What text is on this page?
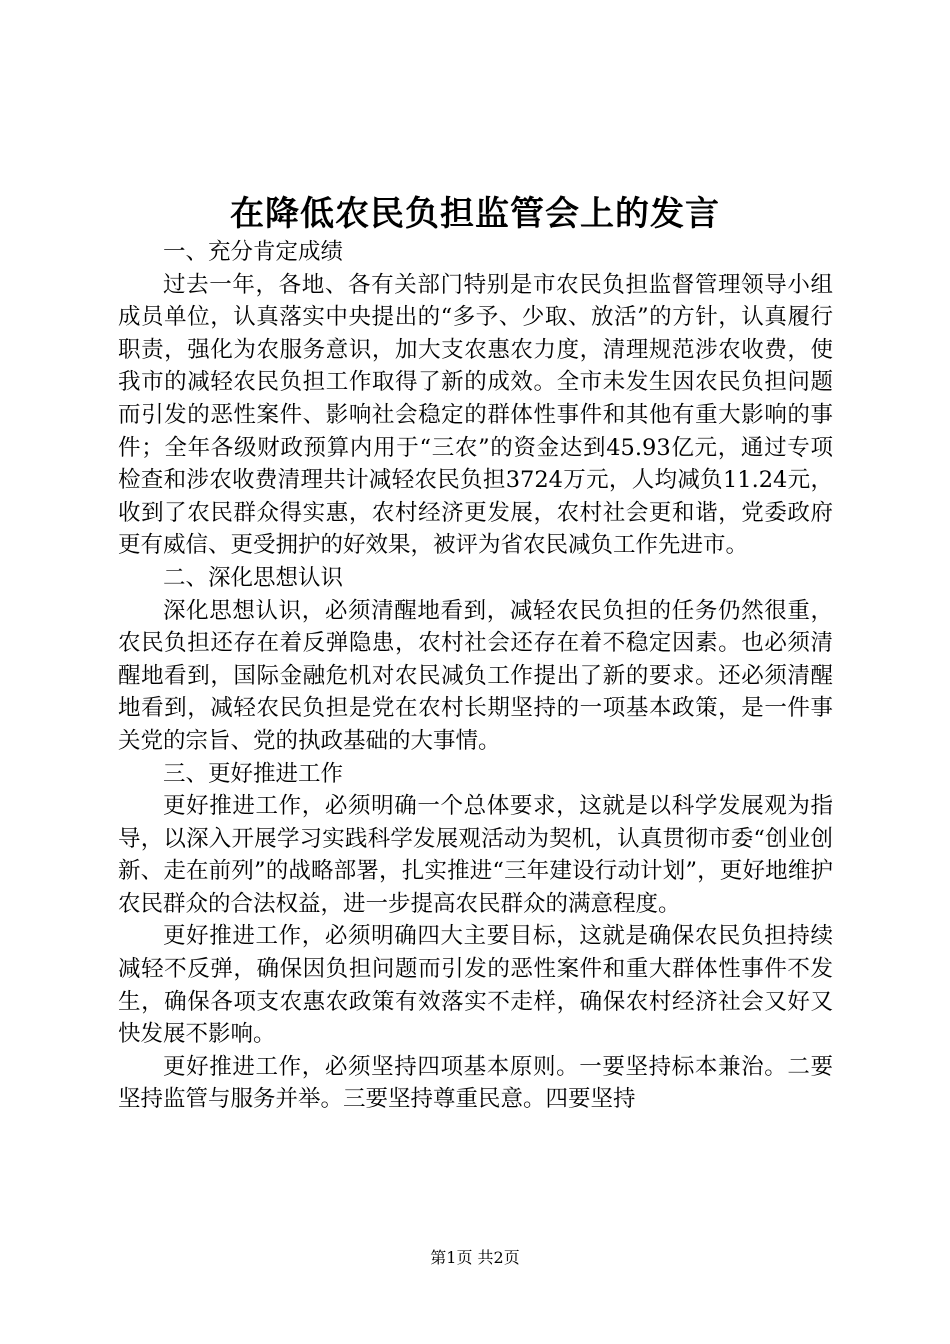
在降低农民负担监管会上的发言

一、充分肯定成绩

过去一年，各地、各有关部门特别是市农民负担监督管理领导小组成员单位，认真落实中央提出的“多予、少取、放活”的方针，认真履行职责，强化为农服务意识，加大支农惠农力度，清理规范涉农收费，使我市的减轻农民负担工作取得了新的成效。全市未发生因农民负担问题而引发的恶性案件、影响社会稳定的群体性事件和其他有重大影响的事件；全年各级财政预算内用于“三农”的资金达到45.93亿元，通过专项检查和涉农收费清理共计减轻农民负担3724万元，人均减负11.24元，收到了农民群众得实惠，农村经济更发展，农村社会更和谐，党委政府更有威信、更受拥护的好效果，被评为省农民减负工作先进市。

二、深化思想认识

深化思想认识，必须清醒地看到，减轻农民负担的任务仍然很重，农民负担还存在着反弹隐患，农村社会还存在着不稳定因素。也必须清醒地看到，国际金融危机对农民减负工作提出了新的要求。还必须清醒地看到，减轻农民负担是党在农村长期坚持的一项基本政策，是一件事关党的宗旨、党的执政基础的大事情。

三、更好推进工作

更好推进工作，必须明确一个总体要求，这就是以科学发展观为指导，以深入开展学习实践科学发展观活动为契机，认真贯彻市委“创业创新、走在前列”的战略部署，扎实推进“三年建设行动计划”，更好地维护农民群众的合法权益，进一步提高农民群众的满意程度。

更好推进工作，必须明确四大主要目标，这就是确保农民负担持续减轻不反弹，确保因负担问题而引发的恶性案件和重大群体性事件不发生，确保各项支农惠农政策有效落实不走样，确保农村经济社会又好又快发展不影响。

更好推进工作，必须坚持四项基本原则。一要坚持标本兼治。二要坚持监管与服务并举。三要坚持尊重民意。四要坚持

第1页 共2页
